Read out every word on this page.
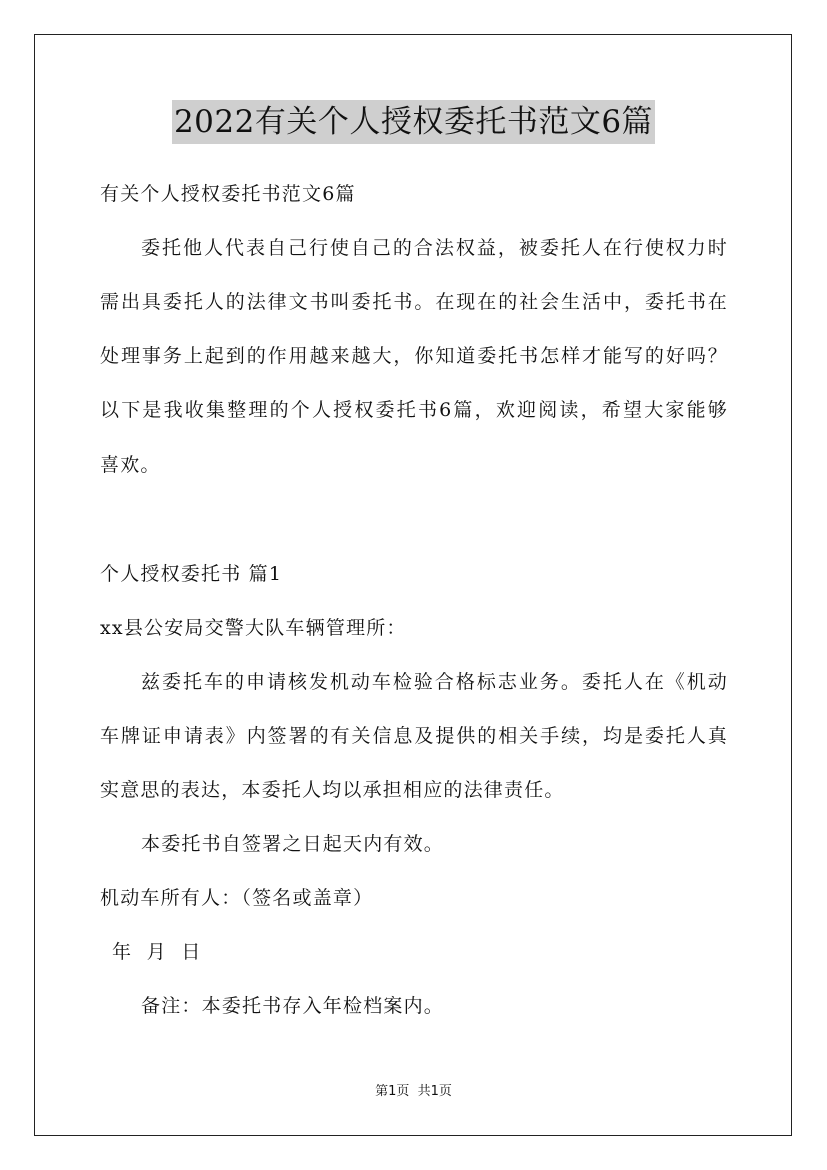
2022有关个人授权委托书范文6篇
有关个人授权委托书范文6篇
委托他人代表自己行使自己的合法权益，被委托人在行使权力时
需出具委托人的法律文书叫委托书。在现在的社会生活中，委托书在
处理事务上起到的作用越来越大，你知道委托书怎样才能写的好吗？
以下是我收集整理的个人授权委托书6篇，欢迎阅读，希望大家能够
喜欢。
个人授权委托书 篇1
xx县公安局交警大队车辆管理所：
兹委托车的申请核发机动车检验合格标志业务。委托人在《机动
车牌证申请表》内签署的有关信息及提供的相关手续，均是委托人真
实意思的表达，本委托人均以承担相应的法律责任。
本委托书自签署之日起天内有效。
机动车所有人：（签名或盖章）
年  月  日
备注：本委托书存入年检档案内。
第1页  共1页
